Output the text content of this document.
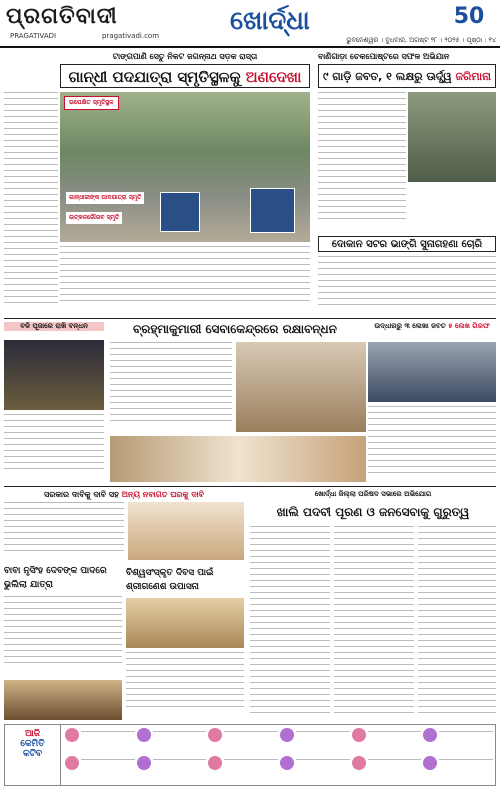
ପ୍ରଗତିବାଦୀ
PRAGATIVADI	pragativadi.com	ଖୋର୍ଦ୍ଧା	50
ଭୁବନେଶ୍ୱର । ବୁଧବାର, ଅଗଷ୍ଟ ୨୮ । ୨୦୨୫ । ପୃଷ୍ଠା : ୧୪
ଟାଙ୍ଗପାଣି ସେତୁ ନିକଟ ଜଗନ୍ନାଥ ସଡ଼କ ରାସ୍ତା
ଗାନ୍ଧୀ ପଦଯାତ୍ରା ସ୍ମୃତିସ୍ଥଳକୁ ଅଣଦେଖା
ଉପେକ୍ଷିତ ସ୍ମୃତିସ୍ଥଳ
ଗାନ୍ଧୀଜୀଙ୍କ ପାଦଯାତ୍ରା ସ୍ମୃତି
ଉତ୍କଳଗୌରବ ସ୍ମୃତି
ବାଣିଗାଡ଼ା ଚେକପୋଷ୍ଟରେ ସଫଳ ଅଭିଯାନ
୯ ଗାଡ଼ି ଜବତ, ୧ ଲକ୍ଷରୁ ଊର୍ଦ୍ଧ୍ୱ ଜରିମାନା
ଦୋକାନ ସଟର ଭାଙ୍ଗି ସୁନାଗହଣା ଚୋରି
ବଳି ପୂଜାରେ ରାଖି ବନ୍ଧନ	ବ୍ରହ୍ମାକୁମାରୀ ସେବାକେନ୍ଦ୍ରରେ ରକ୍ଷାବନ୍ଧନ	ଉଦ୍ଧାରରୁ ୩ ଲେଖା ଜବତ ୫ ଲେଖ ଗିରଫ
ସରକାର ଦାବିକୁ ଦାବି ସହ ଅନ୍ୟ ନବାଗତ ଘରକୁ ଦାବି
ବାବା ନୃସିଂହ ଦେବଙ୍କ ପାଦରେ ଭୁଲିଲା ଯାତ୍ରା
ବିଶ୍ୱସଂସ୍କୃତ ଦିବସ ପାଇଁ ଶ୍ରୀଗଣେଶ ଉପାସନା
ଖୋର୍ଦ୍ଧା ଜିଲ୍ଲା ପରିଷଦ ସଭାରେ ଅଭିଯୋଗ
ଖାଲି ପଦବୀ ପୂରଣ ଓ ଜନସେବାକୁ ଗୁରୁତ୍ୱ
ଆଜି
କେମିତି
କଟିବ
